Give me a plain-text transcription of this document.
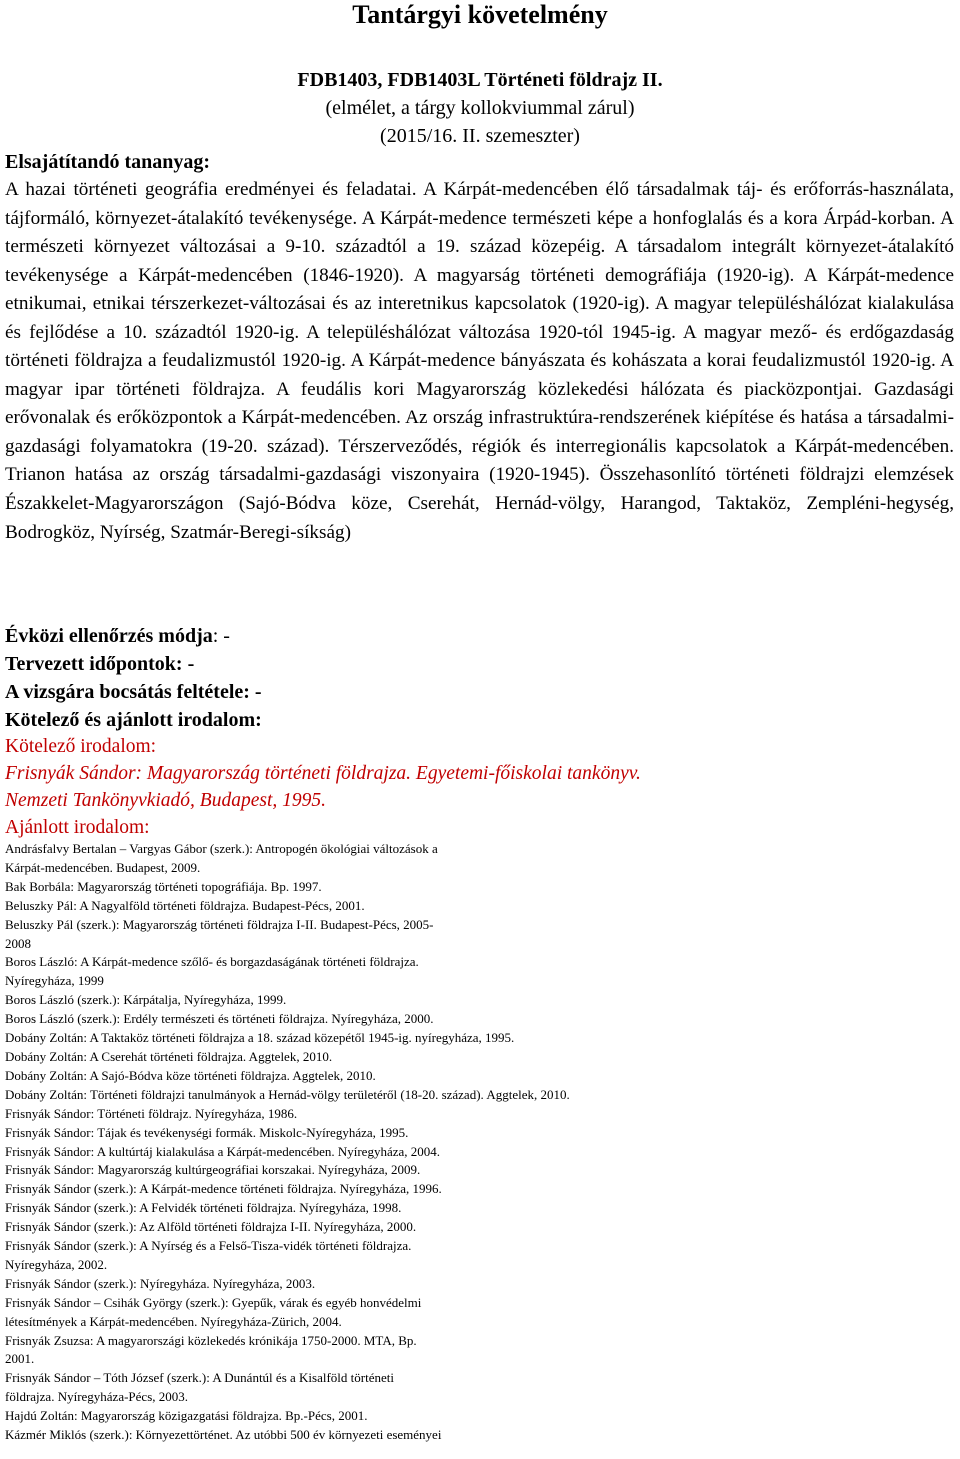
Tantárgyi követelmény
FDB1403, FDB1403L Történeti földrajz II.
(elmélet, a tárgy kollokviummal zárul)
(2015/16. II. szemeszter)
Elsajátítandó tananyag:

A hazai történeti geográfia eredményei és feladatai. A Kárpát-medencében élő társadalmak táj- és erőforrás-használata, tájformáló, környezet-átalakító tevékenysége. A Kárpát-medence természeti képe a honfoglalás és a kora Árpád-korban. A természeti környezet változásai a 9-10. századtól a 19. század közepéig. A társadalom integrált környezet-átalakító tevékenysége a Kárpát-medencében (1846-1920). A magyarság történeti demográfiája (1920-ig). A Kárpát-medence etnikumai, etnikai térszerkezet-változásai és az interetnikus kapcsolatok (1920-ig). A magyar településhálózat kialakulása és fejlődése a 10. századtól 1920-ig. A településhálózat változása 1920-tól 1945-ig. A magyar mező- és erdőgazdaság történeti földrajza a feudalizmustól 1920-ig. A Kárpát-medence bányászata és kohászata a korai feudalizmustól 1920-ig. A magyar ipar történeti földrajza. A feudális kori Magyarország közlekedési hálózata és piacközpontjai. Gazdasági erővonalak és erőközpontok a Kárpát-medencében. Az ország infrastruktúra-rendszerének kiépítése és hatása a társadalmi-gazdasági folyamatokra (19-20. század). Térszerveződés, régiók és interregionális kapcsolatok a Kárpát-medencében. Trianon hatása az ország társadalmi-gazdasági viszonyaira (1920-1945). Összehasonlító történeti földrajzi elemzések Északkelet-Magyarországon (Sajó-Bódva köze, Cserehát, Hernád-völgy, Harangod, Taktaköz, Zempléni-hegység, Bodrogköz, Nyírség, Szatmár-Beregi-síkság)

Évközi ellenőrzés módja: -
Tervezett időpontok: -
A vizsgára bocsátás feltétele: -
Kötelező és ajánlott irodalom:

Kötelező irodalom:

Frisnyák Sándor: Magyarország történeti földrajza. Egyetemi-főiskolai tankönyv.

Nemzeti Tankönyvkiadó, Budapest, 1995.

Ajánlott irodalom:

Andrásfalvy Bertalan – Vargyas Gábor (szerk.): Antropogén ökológiai változások a
Kárpát-medencében. Budapest, 2009.
Bak Borbála: Magyarország történeti topográfiája. Bp. 1997.
Beluszky Pál: A Nagyalföld történeti földrajza. Budapest-Pécs, 2001.
Beluszky Pál (szerk.): Magyarország történeti földrajza I-II. Budapest-Pécs, 2005-
2008
Boros László: A Kárpát-medence szőlő- és borgazdaságának történeti földrajza.
Nyíregyháza, 1999
Boros László (szerk.): Kárpátalja, Nyíregyháza, 1999.
Boros László (szerk.): Erdély természeti és történeti földrajza. Nyíregyháza, 2000.
Dobány Zoltán: A Taktaköz történeti földrajza a 18. század közepétől 1945-ig. nyíregyháza, 1995.
Dobány Zoltán: A Cserehát történeti földrajza. Aggtelek, 2010.
Dobány Zoltán: A Sajó-Bódva köze történeti földrajza. Aggtelek, 2010.
Dobány Zoltán: Történeti földrajzi tanulmányok a Hernád-völgy területéről (18-20. század). Aggtelek, 2010.
Frisnyák Sándor: Történeti földrajz. Nyíregyháza, 1986.
Frisnyák Sándor: Tájak és tevékenységi formák. Miskolc-Nyíregyháza, 1995.
Frisnyák Sándor: A kultúrtáj kialakulása a Kárpát-medencében. Nyíregyháza, 2004.
Frisnyák Sándor: Magyarország kultúrgeográfiai korszakai. Nyíregyháza, 2009.
Frisnyák Sándor (szerk.): A Kárpát-medence történeti földrajza. Nyíregyháza, 1996.
Frisnyák Sándor (szerk.): A Felvidék történeti földrajza. Nyíregyháza, 1998.
Frisnyák Sándor (szerk.): Az Alföld történeti földrajza I-II. Nyíregyháza, 2000.
Frisnyák Sándor (szerk.): A Nyírség és a Felső-Tisza-vidék történeti földrajza.
Nyíregyháza, 2002.
Frisnyák Sándor (szerk.): Nyíregyháza. Nyíregyháza, 2003.
Frisnyák Sándor – Csihák György (szerk.): Gyepűk, várak és egyéb honvédelmi
létesítmények a Kárpát-medencében. Nyíregyháza-Zürich, 2004.
Frisnyák Zsuzsa: A magyarországi közlekedés krónikája 1750-2000. MTA, Bp.
2001.
Frisnyák Sándor – Tóth József (szerk.): A Dunántúl és a Kisalföld történeti
földrajza. Nyíregyháza-Pécs, 2003.
Hajdú Zoltán: Magyarország közigazgatási földrajza. Bp.-Pécs, 2001.
Kázmér Miklós (szerk.): Környezettörténet. Az utóbbi 500 év környezeti eseményei
